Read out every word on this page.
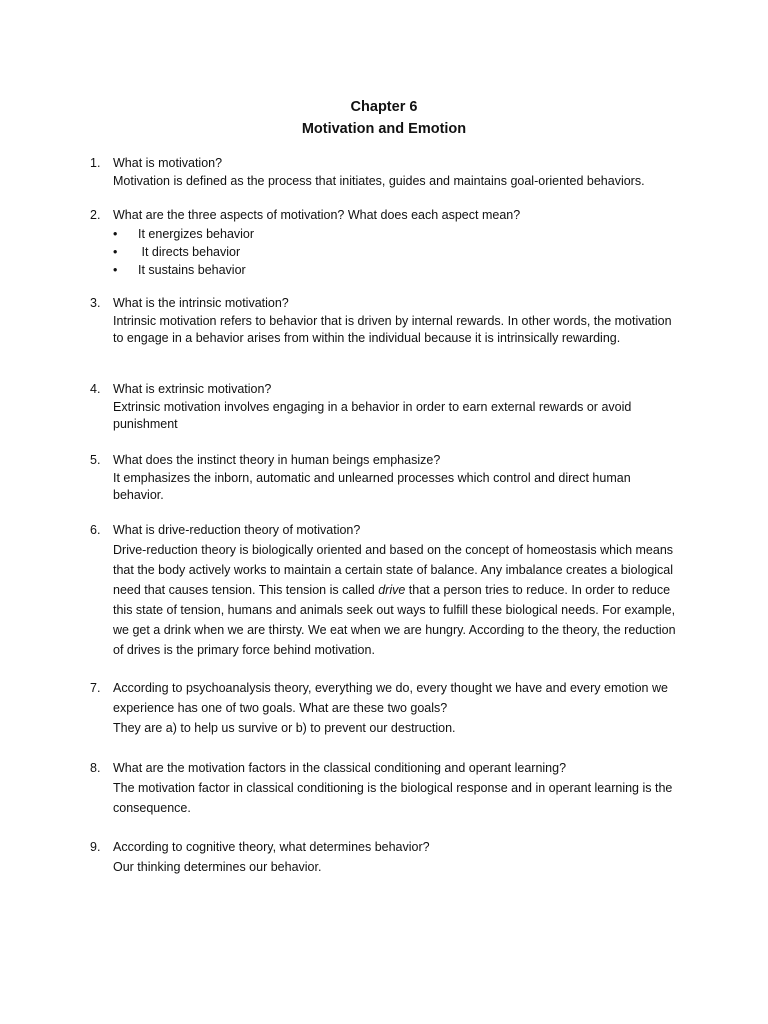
Chapter 6
Motivation and Emotion
1.	What is motivation?
Motivation is defined as the process that initiates, guides and maintains goal-oriented behaviors.
2.	What are the three aspects of motivation? What does each aspect mean?
• It energizes behavior
• It directs behavior
• It sustains behavior
3.	What is the intrinsic motivation?
Intrinsic motivation refers to behavior that is driven by internal rewards. In other words, the motivation to engage in a behavior arises from within the individual because it is intrinsically rewarding.
4.	What is extrinsic motivation?
Extrinsic motivation involves engaging in a behavior in order to earn external rewards or avoid punishment
5.	What does the instinct theory in human beings emphasize?
It emphasizes the inborn, automatic and unlearned processes which control and direct human behavior.
6.	What is drive-reduction theory of motivation?
Drive-reduction theory is biologically oriented and based on the concept of homeostasis which means that the body actively works to maintain a certain state of balance. Any imbalance creates a biological need that causes tension. This tension is called drive that a person tries to reduce. In order to reduce this state of tension, humans and animals seek out ways to fulfill these biological needs. For example, we get a drink when we are thirsty. We eat when we are hungry. According to the theory, the reduction of drives is the primary force behind motivation.
7.	According to psychoanalysis theory, everything we do, every thought we have and every emotion we experience has one of two goals. What are these two goals?
They are a) to help us survive or b) to prevent our destruction.
8.	What are the motivation factors in the classical conditioning and operant learning?
The motivation factor in classical conditioning is the biological response and in operant learning is the consequence.
9.	According to cognitive theory, what determines behavior?
Our thinking determines our behavior.
